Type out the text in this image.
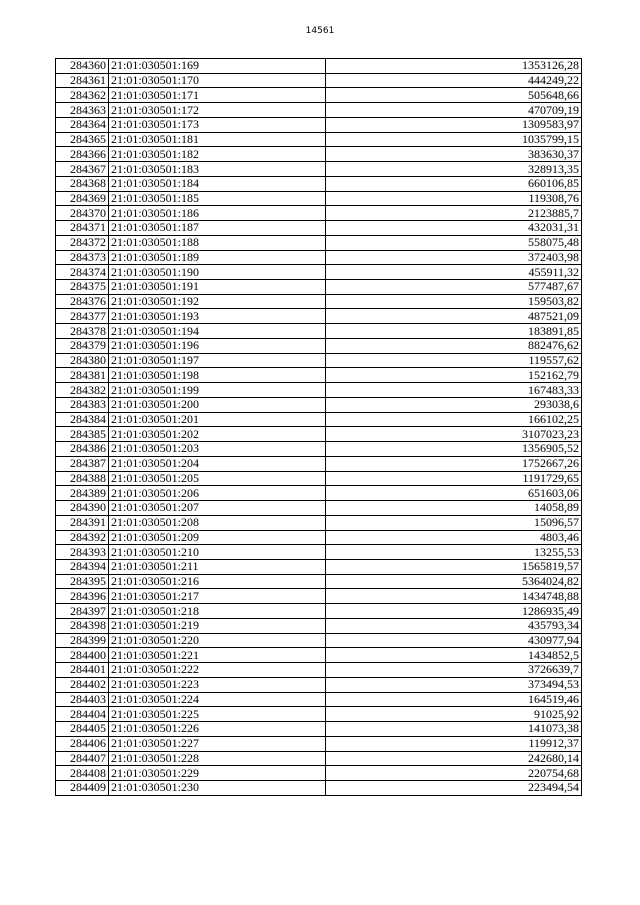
14561
284360	21:01:030501:169	1353126,28
284361	21:01:030501:170	444249,22
284362	21:01:030501:171	505648,66
284363	21:01:030501:172	470709,19
284364	21:01:030501:173	1309583,97
284365	21:01:030501:181	1035799,15
284366	21:01:030501:182	383630,37
284367	21:01:030501:183	328913,35
284368	21:01:030501:184	660106,85
284369	21:01:030501:185	119308,76
284370	21:01:030501:186	2123885,7
284371	21:01:030501:187	432031,31
284372	21:01:030501:188	558075,48
284373	21:01:030501:189	372403,98
284374	21:01:030501:190	455911,32
284375	21:01:030501:191	577487,67
284376	21:01:030501:192	159503,82
284377	21:01:030501:193	487521,09
284378	21:01:030501:194	183891,85
284379	21:01:030501:196	882476,62
284380	21:01:030501:197	119557,62
284381	21:01:030501:198	152162,79
284382	21:01:030501:199	167483,33
284383	21:01:030501:200	293038,6
284384	21:01:030501:201	166102,25
284385	21:01:030501:202	3107023,23
284386	21:01:030501:203	1356905,52
284387	21:01:030501:204	1752667,26
284388	21:01:030501:205	1191729,65
284389	21:01:030501:206	651603,06
284390	21:01:030501:207	14058,89
284391	21:01:030501:208	15096,57
284392	21:01:030501:209	4803,46
284393	21:01:030501:210	13255,53
284394	21:01:030501:211	1565819,57
284395	21:01:030501:216	5364024,82
284396	21:01:030501:217	1434748,88
284397	21:01:030501:218	1286935,49
284398	21:01:030501:219	435793,34
284399	21:01:030501:220	430977,94
284400	21:01:030501:221	1434852,5
284401	21:01:030501:222	3726639,7
284402	21:01:030501:223	373494,53
284403	21:01:030501:224	164519,46
284404	21:01:030501:225	91025,92
284405	21:01:030501:226	141073,38
284406	21:01:030501:227	119912,37
284407	21:01:030501:228	242680,14
284408	21:01:030501:229	220754,68
284409	21:01:030501:230	223494,54
